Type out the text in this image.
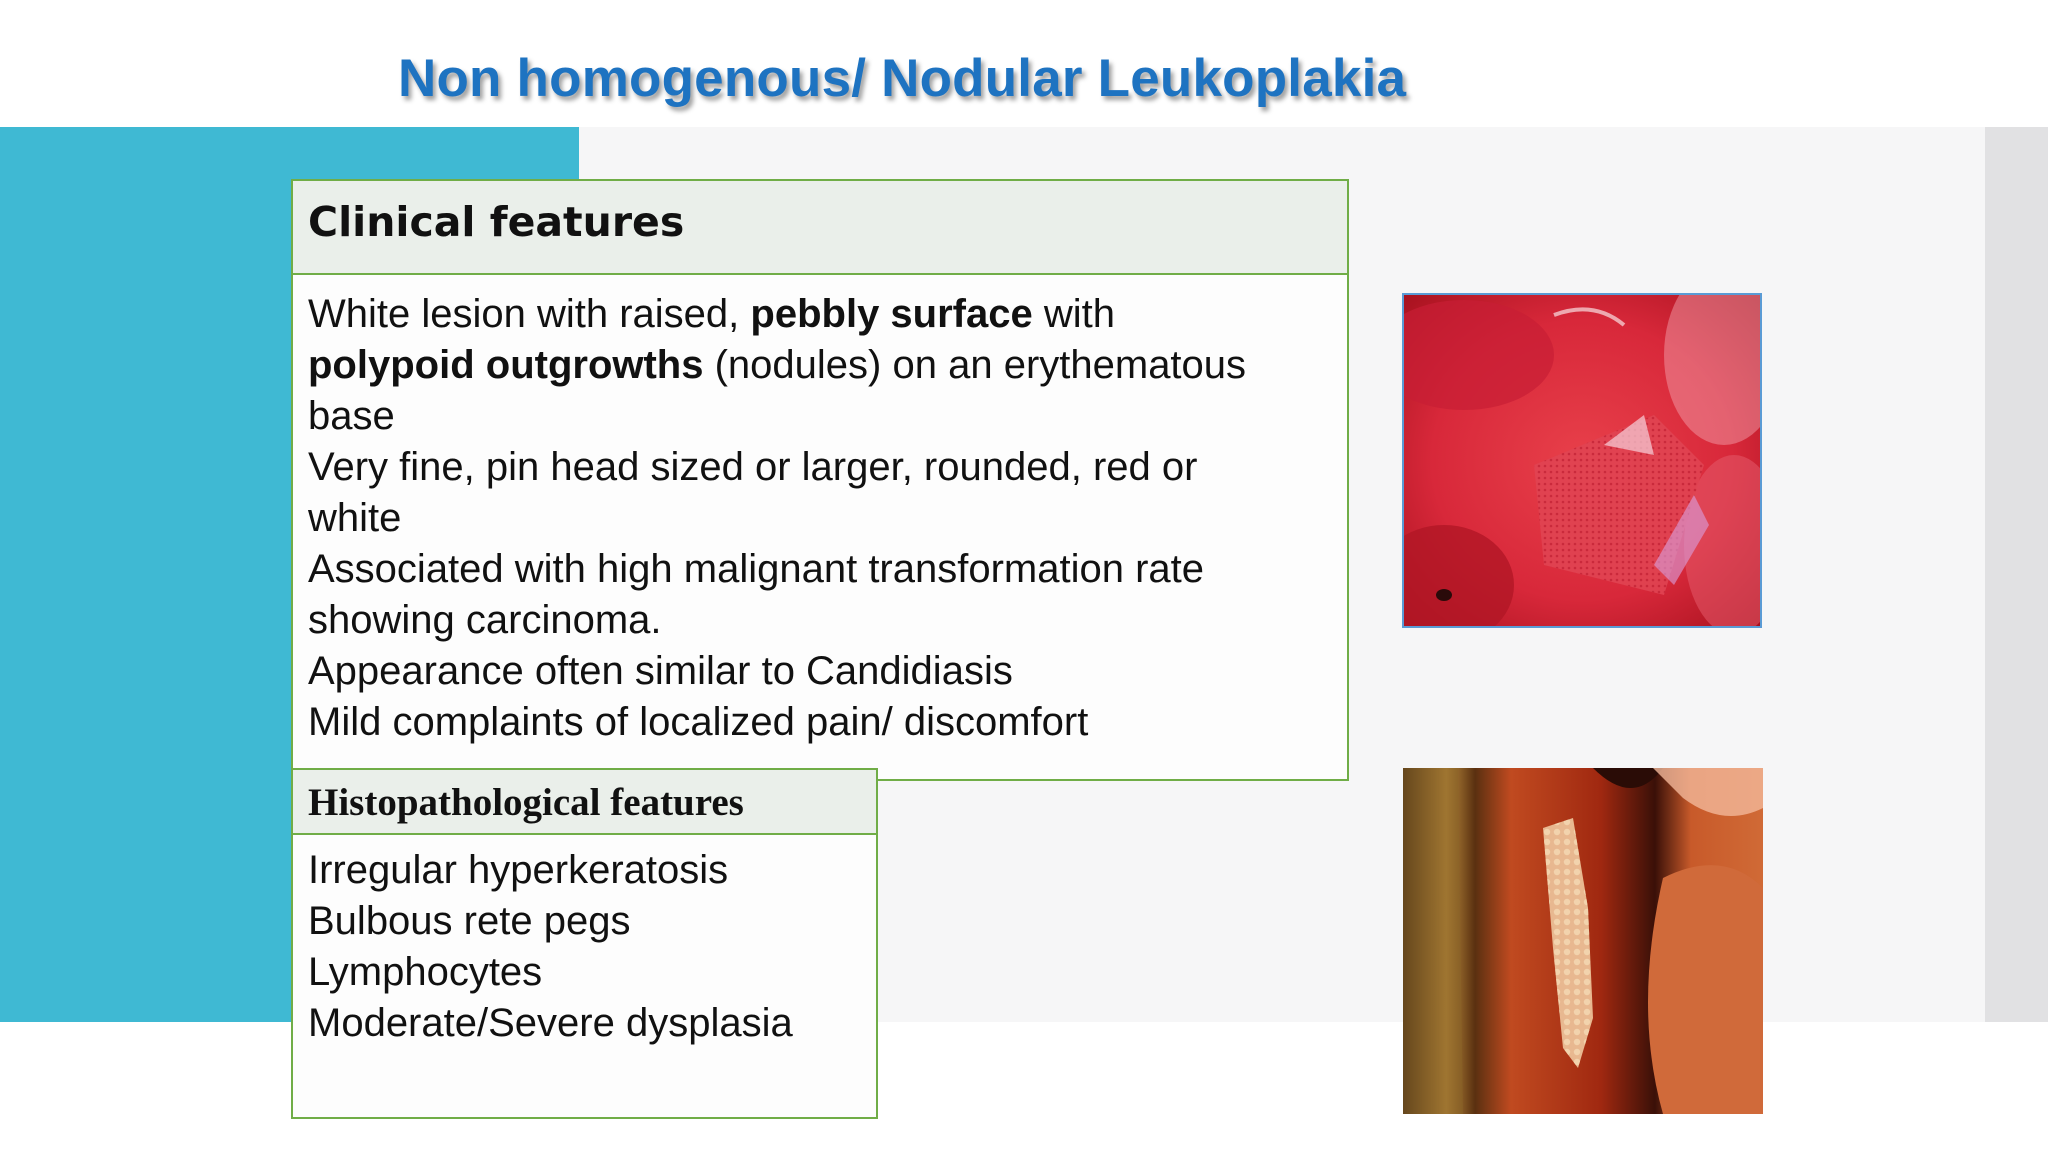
Non homogenous/ Nodular Leukoplakia
Clinical features
White lesion with raised, pebbly surface with
polypoid outgrowths (nodules) on an erythematous
base
Very fine, pin head sized or larger, rounded, red or
white
Associated with high malignant transformation rate
showing carcinoma.
Appearance often similar to Candidiasis
Mild complaints of localized pain/ discomfort
Histopathological features
Irregular hyperkeratosis
Bulbous rete pegs
Lymphocytes
Moderate/Severe dysplasia
